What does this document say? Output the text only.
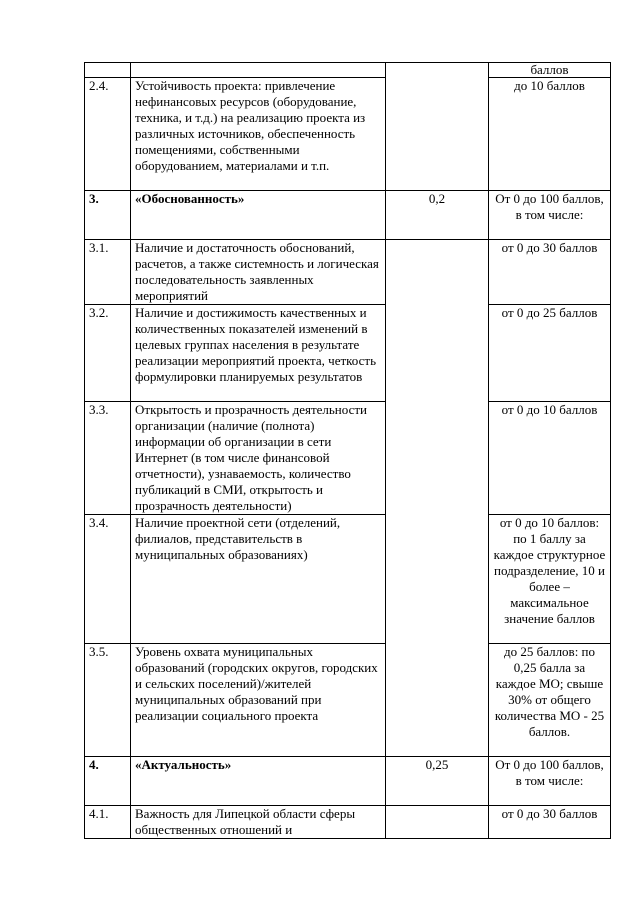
			баллов
2.4.	Устойчивость проекта: привлечение нефинансовых ресурсов (оборудование, техника, и т.д.) на реализацию проекта из различных источников, обеспеченность помещениями, собственными оборудованием, материалами и т.п.		до 10 баллов
3.	«Обоснованность»	0,2	От 0 до 100 баллов, в том числе:
3.1.	Наличие и достаточность обоснований, расчетов, а также системность и логическая последовательность заявленных мероприятий		от 0 до 30 баллов
3.2.	Наличие и достижимость качественных и количественных показателей изменений в целевых группах населения в результате реализации мероприятий проекта, четкость формулировки планируемых результатов		от 0 до 25 баллов
3.3.	Открытость и прозрачность деятельности организации (наличие (полнота) информации об организации в сети Интернет (в том числе финансовой отчетности), узнаваемость, количество публикаций в СМИ, открытость и прозрачность деятельности)		от 0 до 10 баллов
3.4.	Наличие проектной сети (отделений, филиалов, представительств в муниципальных образованиях)		от 0 до 10 баллов: по 1 баллу за каждое структурное подразделение, 10 и более – максимальное значение баллов
3.5.	Уровень охвата муниципальных образований (городских округов, городских и сельских поселений)/жителей муниципальных образований при реализации социального проекта		до 25 баллов: по 0,25 балла за каждое МО; свыше 30% от общего количества МО - 25 баллов.
4.	«Актуальность»	0,25	От 0 до 100 баллов, в том числе:
4.1.	Важность для Липецкой области сферы общественных отношений и		от 0 до 30 баллов
